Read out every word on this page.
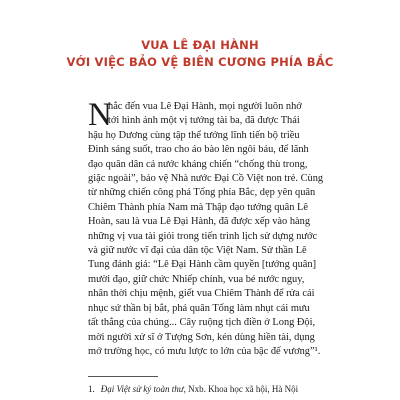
VUA LÊ ĐẠI HÀNH
VỚI VIỆC BẢO VỆ BIÊN CƯƠNG PHÍA BẮC
N
hắc đến vua Lê Đại Hành, mọi người luôn nhớ
tới hình ảnh một vị tướng tài ba, đã được Thái
hậu họ Dương cùng tập thể tướng lĩnh tiến bộ triều
Đinh sáng suốt, trao cho áo bào lên ngôi báu, để lãnh
đạo quân dân cả nước kháng chiến “chống thù trong,
giặc ngoài”, bảo vệ Nhà nước Đại Cồ Việt non trẻ. Cùng
từ những chiến công phá Tống phía Bắc, dẹp yên quân
Chiêm Thành phía Nam mà Thập đạo tướng quân Lê
Hoàn, sau là vua Lê Đại Hành, đã được xếp vào hàng
những vị vua tài giỏi trong tiến trình lịch sử dựng nước
và giữ nước vĩ đại của dân tộc Việt Nam. Sử thần Lê
Tung đánh giá: “Lê Đại Hành cầm quyền [tướng quân]
mười đạo, giữ chức Nhiếp chính, vua bé nước nguy,
nhân thời chịu mệnh, giết vua Chiêm Thành để rửa cái
nhục sứ thần bị bắt, phá quân Tống làm nhụt cái mưu
tất thắng của chúng... Cây ruộng tịch điền ở Long Đội,
mời người xử sĩ ở Tượng Sơn, kén dùng hiền tài, dụng
mở trường học, có mưu lược to lớn của bậc đế vương”¹.
1. Đại Việt sử ký toàn thư, Nxb. Khoa học xã hội, Hà Nội
